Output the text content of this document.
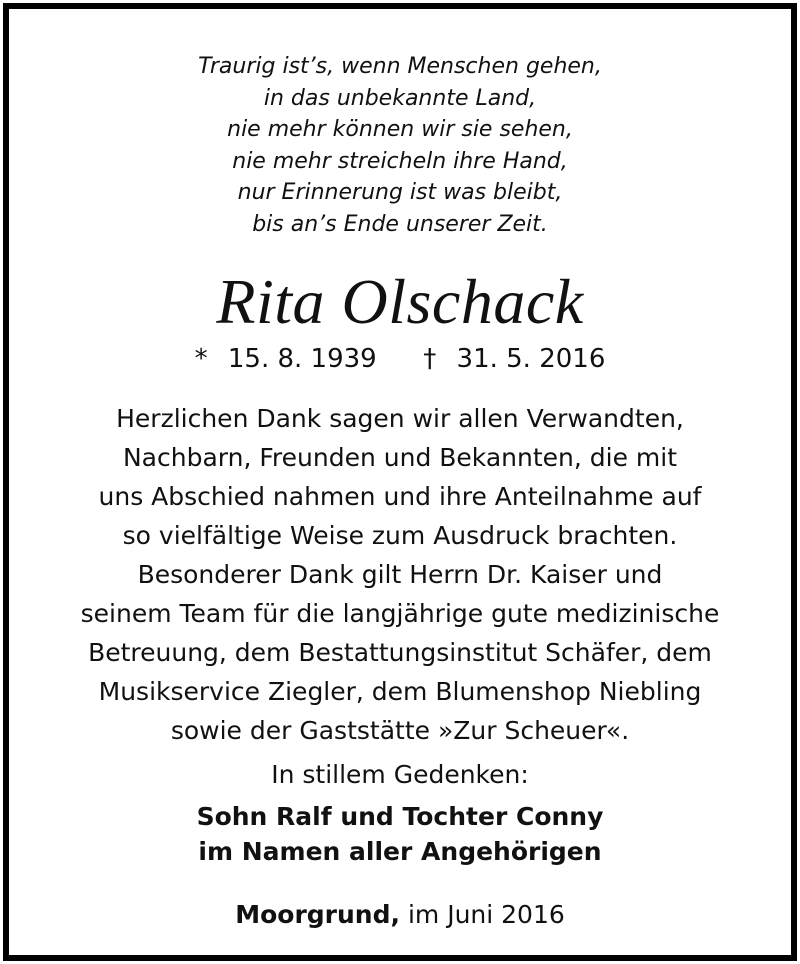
Traurig ist’s, wenn Menschen gehen,
in das unbekannte Land,
nie mehr können wir sie sehen,
nie mehr streicheln ihre Hand,
nur Erinnerung ist was bleibt,
bis an’s Ende unserer Zeit.
Rita Olschack
* 15. 8. 1939 † 31. 5. 2016
Herzlichen Dank sagen wir allen Verwandten,
Nachbarn, Freunden und Bekannten, die mit
uns Abschied nahmen und ihre Anteilnahme auf
so vielfältige Weise zum Ausdruck brachten.
Besonderer Dank gilt Herrn Dr. Kaiser und
seinem Team für die langjährige gute medizinische
Betreuung, dem Bestattungsinstitut Schäfer, dem
Musikservice Ziegler, dem Blumenshop Niebling
sowie der Gaststätte »Zur Scheuer«.
In stillem Gedenken:
Sohn Ralf und Tochter Conny
im Namen aller Angehörigen
Moorgrund, im Juni 2016
